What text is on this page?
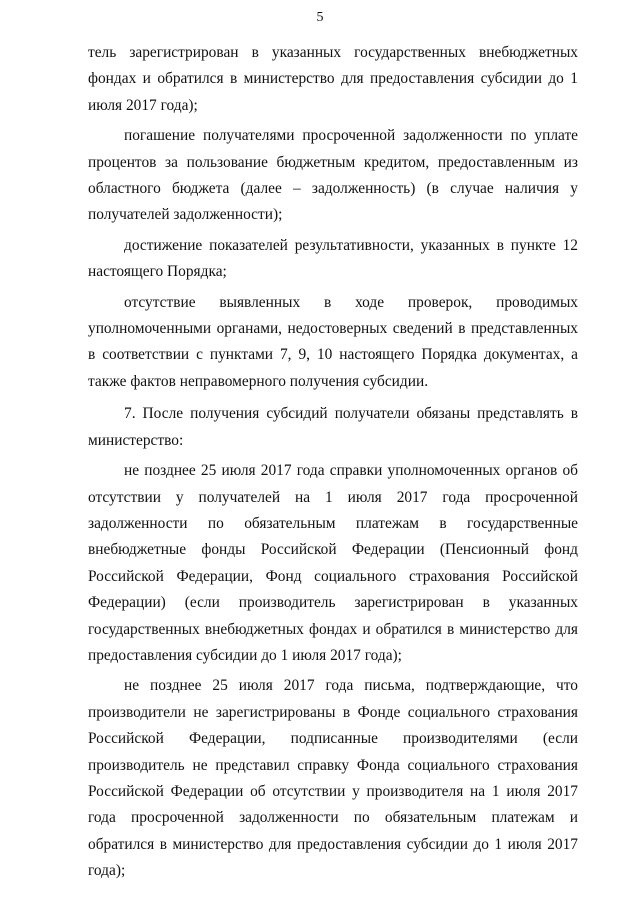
5

тель зарегистрирован в указанных государственных внебюджетных фондах и обратился в министерство для предоставления субсидии до 1 июля 2017 года);

погашение получателями просроченной задолженности по уплате процентов за пользование бюджетным кредитом, предоставленным из областного бюджета (далее – задолженность) (в случае наличия у получателей задолженности);

достижение показателей результативности, указанных в пункте 12 настоящего Порядка;

отсутствие выявленных в ходе проверок, проводимых уполномоченными органами, недостоверных сведений в представленных в соответствии с пунктами 7, 9, 10 настоящего Порядка документах, а также фактов неправомерного получения субсидии.

7. После получения субсидий получатели обязаны представлять в министерство:

не позднее 25 июля 2017 года справки уполномоченных органов об отсутствии у получателей на 1 июля 2017 года просроченной задолженности по обязательным платежам в государственные внебюджетные фонды Российской Федерации (Пенсионный фонд Российской Федерации, Фонд социального страхования Российской Федерации) (если производитель зарегистрирован в указанных государственных внебюджетных фондах и обратился в министерство для предоставления субсидии до 1 июля 2017 года);

не позднее 25 июля 2017 года письма, подтверждающие, что производители не зарегистрированы в Фонде социального страхования Российской Федерации, подписанные производителями (если производитель не представил справку Фонда социального страхования Российской Федерации об отсутствии у производителя на 1 июля 2017 года просроченной задолженности по обязательным платежам и обратился в министерство для предоставления субсидии до 1 июля 2017 года);
